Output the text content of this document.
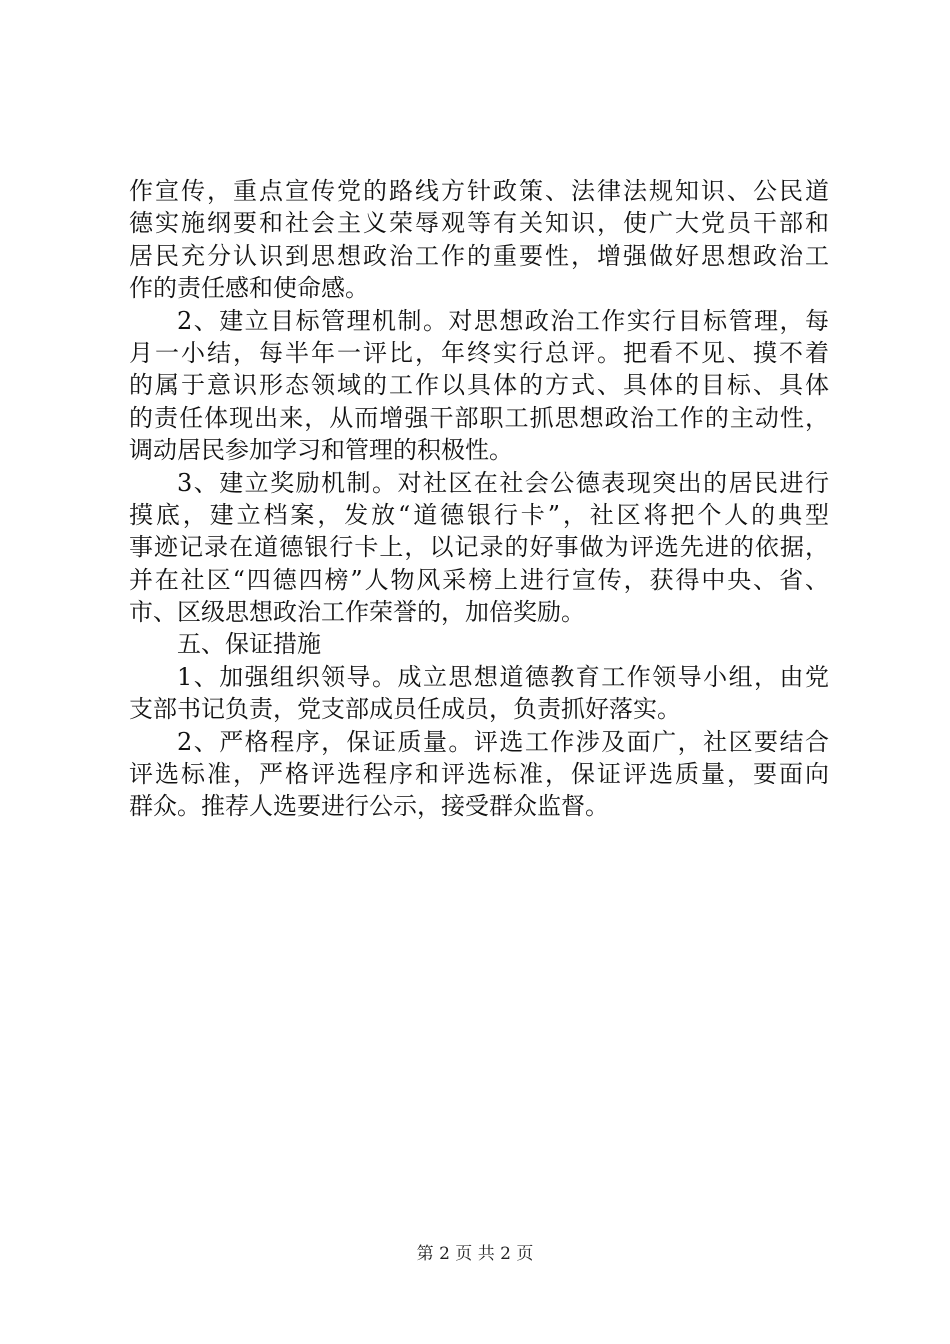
作宣传，重点宣传党的路线方针政策、法律法规知识、公民道
德实施纲要和社会主义荣辱观等有关知识，使广大党员干部和
居民充分认识到思想政治工作的重要性，增强做好思想政治工
作的责任感和使命感。
2、建立目标管理机制。对思想政治工作实行目标管理，每
月一小结，每半年一评比，年终实行总评。把看不见、摸不着
的属于意识形态领域的工作以具体的方式、具体的目标、具体
的责任体现出来，从而增强干部职工抓思想政治工作的主动性，
调动居民参加学习和管理的积极性。
3、建立奖励机制。对社区在社会公德表现突出的居民进行
摸底，建立档案，发放“道德银行卡”，社区将把个人的典型
事迹记录在道德银行卡上，以记录的好事做为评选先进的依据，
并在社区“四德四榜”人物风采榜上进行宣传，获得中央、省、
市、区级思想政治工作荣誉的，加倍奖励。
五、保证措施
1、加强组织领导。成立思想道德教育工作领导小组，由党
支部书记负责，党支部成员任成员，负责抓好落实。
2、严格程序，保证质量。评选工作涉及面广，社区要结合
评选标准，严格评选程序和评选标准，保证评选质量，要面向
群众。推荐人选要进行公示，接受群众监督。
第 2 页 共 2 页
